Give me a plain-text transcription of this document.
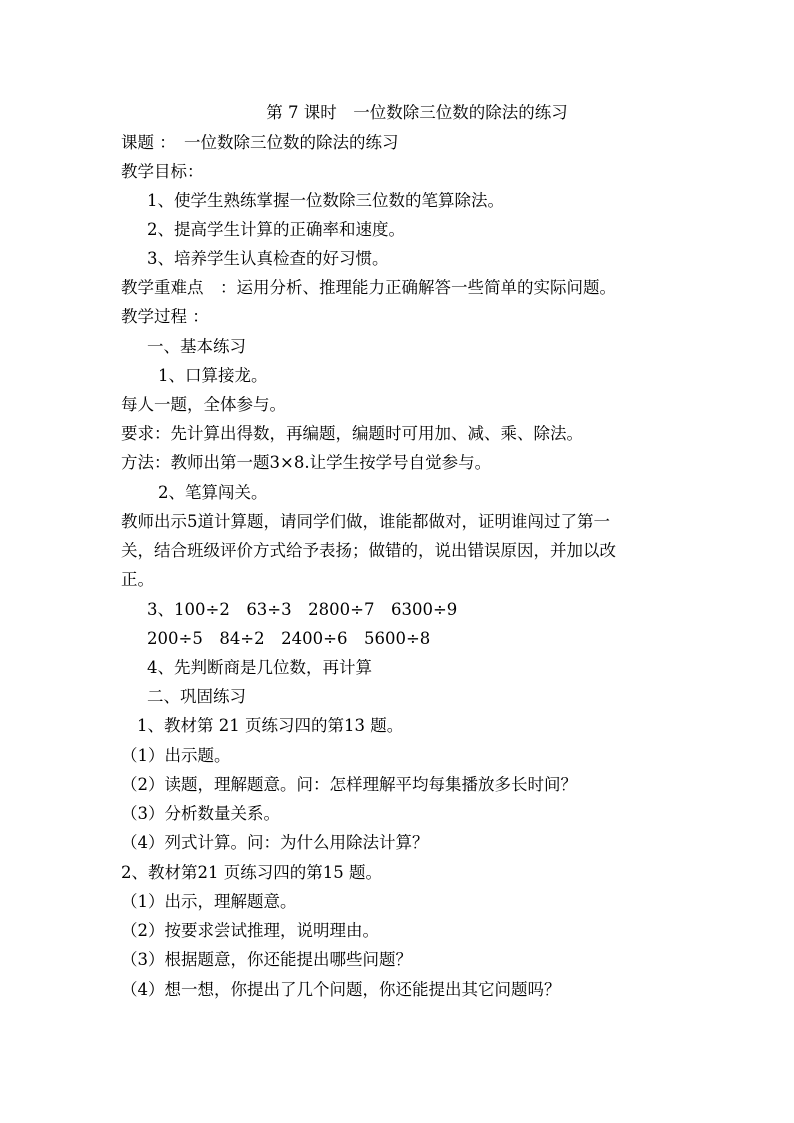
第 7 课时　一位数除三位数的除法的练习
课题 ：　一位数除三位数的除法的练习
教学目标：
1、使学生熟练掌握一位数除三位数的笔算除法。
2、提高学生计算的正确率和速度。
3、培养学生认真检查的好习惯。
教学重难点　：运用分析、推理能力正确解答一些简单的实际问题。
教学过程 ：
一、基本练习
1、口算接龙。
每人一题，全体参与。
要求：先计算出得数，再编题，编题时可用加、减、乘、除法。
方法：教师出第一题3×8.让学生按学号自觉参与。
2、笔算闯关。
教师出示5道计算题，请同学们做，谁能都做对，证明谁闯过了第一
关，结合班级评价方式给予表扬；做错的，说出错误原因，并加以改
正。
3、100÷2　63÷3　2800÷7　6300÷9
200÷5　84÷2　2400÷6　5600÷8
4、先判断商是几位数，再计算
二、巩固练习
1、教材第 21 页练习四的第13 题。
（1）出示题。
（2）读题，理解题意。问：怎样理解平均每集播放多长时间？
（3）分析数量关系。
（4）列式计算。问：为什么用除法计算？
2、教材第21 页练习四的第15 题。
（1）出示，理解题意。
（2）按要求尝试推理，说明理由。
（3）根据题意，你还能提出哪些问题？
（4）想一想，你提出了几个问题，你还能提出其它问题吗？
